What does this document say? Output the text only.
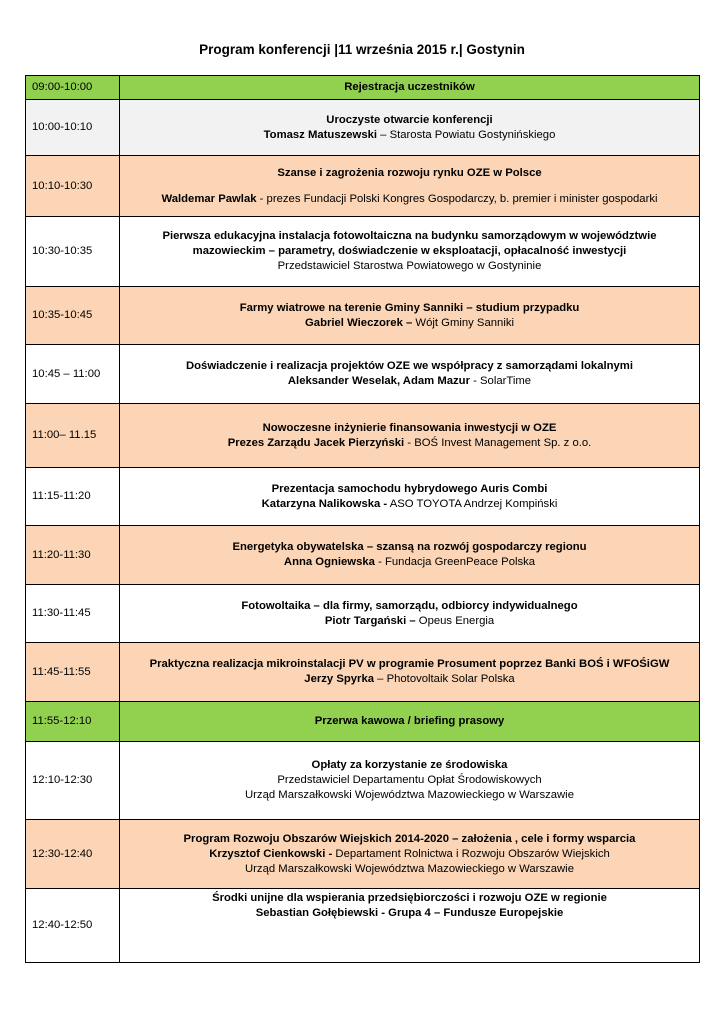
Program konferencji |11 września 2015 r.| Gostynin
09:00-10:00	Rejestracja uczestników
10:00-10:10	Uroczyste otwarcie konferencji
Tomasz Matuszewski – Starosta Powiatu Gostynińskiego

10:10-10:30	Szanse i zagrożenia rozwoju rynku OZE w Polsce
Waldemar Pawlak - prezes Fundacji Polski Kongres Gospodarczy, b. premier i minister gospodarki

10:30-10:35	Pierwsza edukacyjna instalacja fotowoltaiczna na budynku samorządowym w województwie
mazowieckim – parametry, doświadczenie w eksploatacji, opłacalność inwestycji
Przedstawiciel Starostwa Powiatowego w Gostyninie

10:35-10:45	Farmy wiatrowe na terenie Gminy Sanniki – studium przypadku
Gabriel Wieczorek – Wójt Gminy Sanniki

10:45 – 11:00	Doświadczenie i realizacja projektów OZE we współpracy z samorządami lokalnymi
Aleksander Weselak, Adam Mazur - SolarTime

11:00– 11.15	Nowoczesne inżynierie finansowania inwestycji w OZE
Prezes Zarządu Jacek Pierzyński - BOŚ Invest Management Sp. z o.o.

11:15-11:20	Prezentacja samochodu hybrydowego Auris Combi
Katarzyna Nalikowska - ASO TOYOTA Andrzej Kompiński

11:20-11:30	Energetyka obywatelska – szansą na rozwój gospodarczy regionu
Anna Ogniewska - Fundacja GreenPeace Polska

11:30-11:45	Fotowoltaika – dla firmy, samorządu, odbiorcy indywidualnego
Piotr Targański – Opeus Energia

11:45-11:55	Praktyczna realizacja mikroinstalacji PV w programie Prosument poprzez Banki BOŚ i WFOŚiGW
Jerzy Spyrka – Photovoltaik Solar Polska

11:55-12:10	Przerwa kawowa / briefing prasowy
12:10-12:30	Opłaty za korzystanie ze środowiska
Przedstawiciel Departamentu Opłat Środowiskowych
Urząd Marszałkowski Województwa Mazowieckiego w Warszawie

12:30-12:40	Program Rozwoju Obszarów Wiejskich 2014-2020 – założenia , cele i formy wsparcia
Krzysztof Cienkowski - Departament Rolnictwa i Rozwoju Obszarów Wiejskich
Urząd Marszałkowski Województwa Mazowieckiego w Warszawie

12:40-12:50	Środki unijne dla wspierania przedsiębiorczości i rozwoju OZE w regionie
Sebastian Gołębiewski - Grupa 4 – Fundusze Europejskie
